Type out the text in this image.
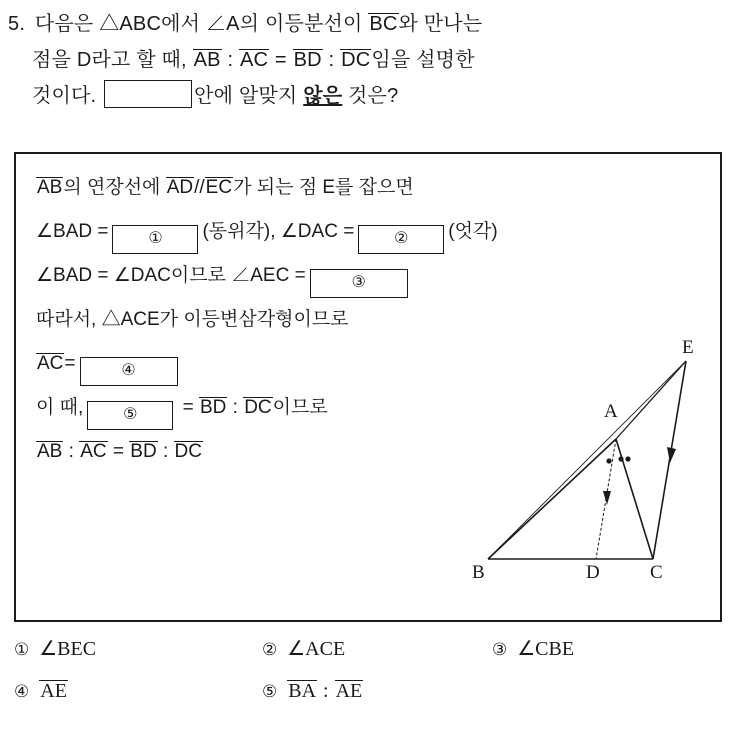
5. 다음은 △ABC에서 ∠A의 이등분선이 BC와 만나는
점을 D라고 할 때, AB : AC = BD : DC임을 설명한
것이다.	안에 알맞지 않은 것은?
AB의 연장선에 AD//EC가 되는 점 E를 잡으면
∠BAD = ① (동위각), ∠DAC = ② (엇각)
∠BAD = ∠DAC이므로 ∠AEC =	③
따라서, △ACE가 이등변삼각형이므로
AC=	④
이 때, ⑤ = BD : DC이므로
AB : AC = BD : DC
A
B	C
D
E
① ∠BEC	② ∠ACE	③ ∠CBE
④ AE	⑤ BA : AE
